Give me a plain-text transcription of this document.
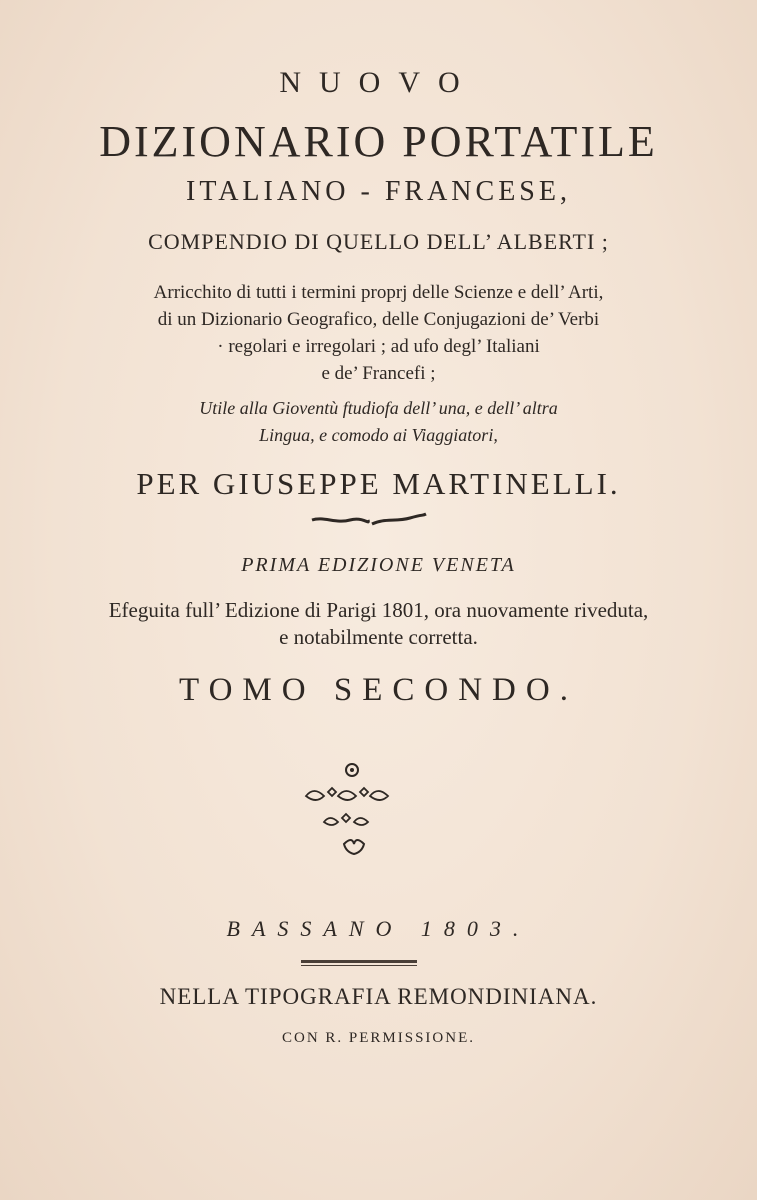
NUOVO
DIZIONARIO PORTATILE
ITALIANO - FRANCESE,
COMPENDIO DI QUELLO DELL’ ALBERTI ;
Arricchito di tutti i termini proprj delle Scienze e dell’ Arti,
di un Dizionario Geografico, delle Conjugazioni de’ Verbi
· regolari e irregolari ; ad ufo degl’ Italiani
e de’ Francefi ;
Utile alla Gioventù ftudiofa dell’ una, e dell’ altra
Lingua, e comodo ai Viaggiatori,
PER GIUSEPPE MARTINELLI.
PRIMA EDIZIONE VENETA
Efeguita full’ Edizione di Parigi 1801, ora nuovamente riveduta,
e notabilmente corretta.
TOMO SECONDO.
BASSANO 1803.
NELLA TIPOGRAFIA REMONDINIANA.
CON R. PERMISSIONE.
